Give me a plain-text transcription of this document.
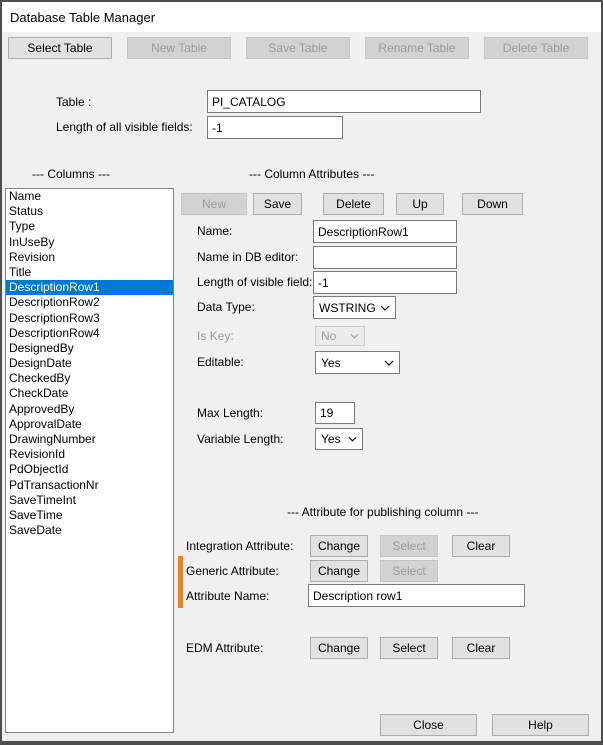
Database Table Manager
Select Table	New Table	Save Table	Rename Table	Delete Table
Table :
PI_CATALOG
Length of all visible fields:
-1
--- Columns ---	--- Column Attributes ---
Name
Status
Type
InUseBy
Revision
Title
DescriptionRow1
DescriptionRow2
DescriptionRow3
DescriptionRow4
DesignedBy
DesignDate
CheckedBy
CheckDate
ApprovedBy
ApprovalDate
DrawingNumber
RevisionId
PdObjectId
PdTransactionNr
SaveTimeInt
SaveTime
SaveDate
New	Save	Delete	Up	Down
Name:
DescriptionRow1
Name in DB editor:
Length of visible field:
-1
Data Type:	WSTRING
Is Key:	No
Editable:	Yes
Max Length:
19
Variable Length:	Yes
--- Attribute for publishing column ---
Integration Attribute:	Change	Select	Clear
Generic Attribute:	Change	Select
Attribute Name:
Description row1
EDM Attribute:	Change	Select	Clear
Close	Help
